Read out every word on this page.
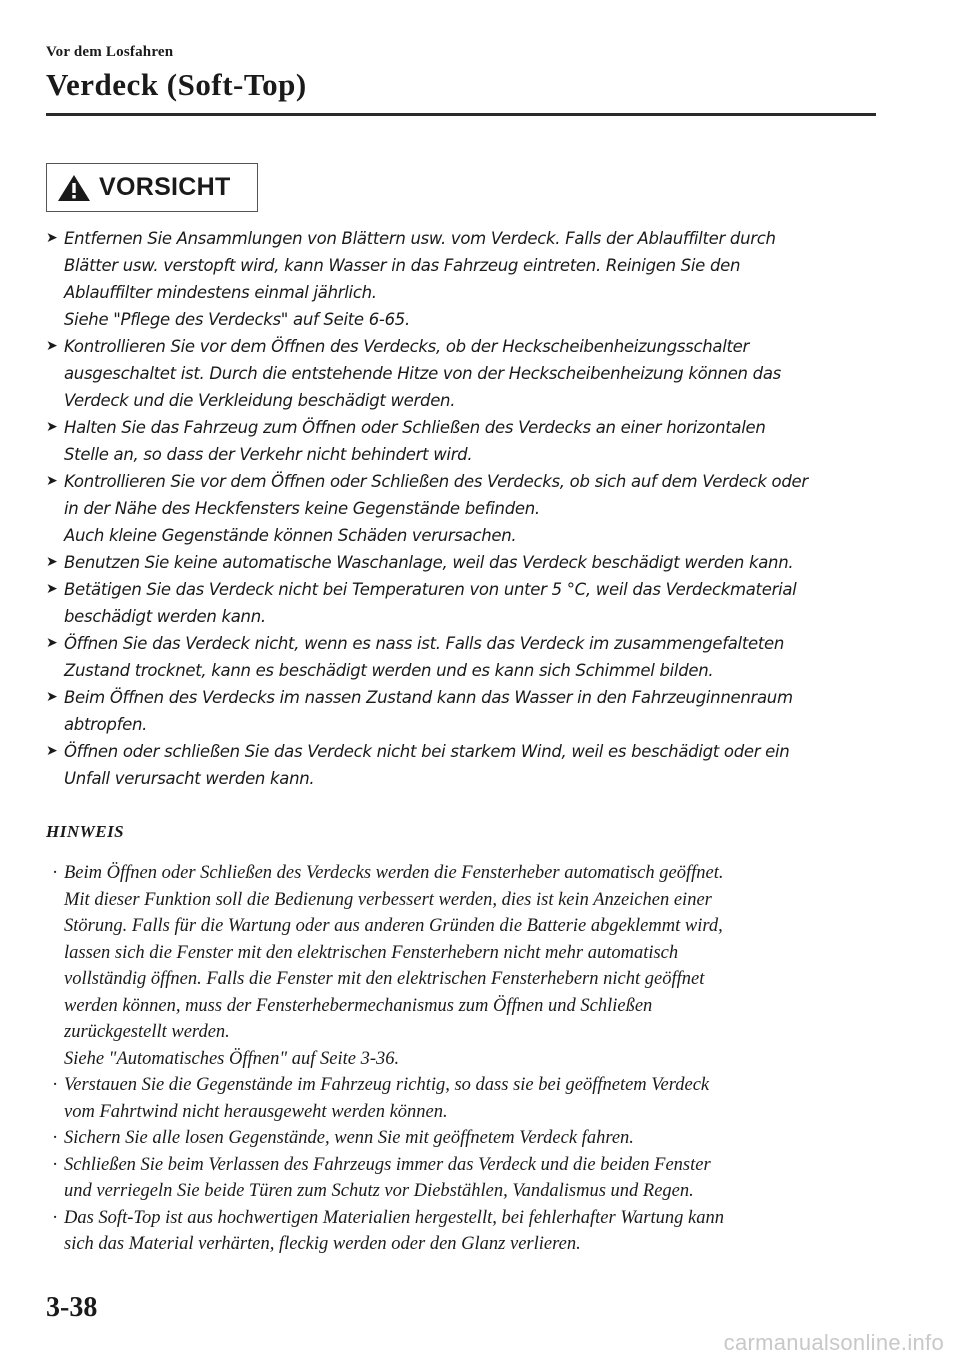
Vor dem Losfahren

Verdeck (Soft-Top)
VORSICHT
➤ Entfernen Sie Ansammlungen von Blättern usw. vom Verdeck. Falls der Ablauffilter durch
Blätter usw. verstopft wird, kann Wasser in das Fahrzeug eintreten. Reinigen Sie den
Ablauffilter mindestens einmal jährlich.
Siehe "Pflege des Verdecks" auf Seite 6-65.
➤ Kontrollieren Sie vor dem Öffnen des Verdecks, ob der Heckscheibenheizungsschalter
ausgeschaltet ist. Durch die entstehende Hitze von der Heckscheibenheizung können das
Verdeck und die Verkleidung beschädigt werden.
➤ Halten Sie das Fahrzeug zum Öffnen oder Schließen des Verdecks an einer horizontalen
Stelle an, so dass der Verkehr nicht behindert wird.
➤ Kontrollieren Sie vor dem Öffnen oder Schließen des Verdecks, ob sich auf dem Verdeck oder
in der Nähe des Heckfensters keine Gegenstände befinden.
Auch kleine Gegenstände können Schäden verursachen.
➤ Benutzen Sie keine automatische Waschanlage, weil das Verdeck beschädigt werden kann.
➤ Betätigen Sie das Verdeck nicht bei Temperaturen von unter 5 °C, weil das Verdeckmaterial
beschädigt werden kann.
➤ Öffnen Sie das Verdeck nicht, wenn es nass ist. Falls das Verdeck im zusammengefalteten
Zustand trocknet, kann es beschädigt werden und es kann sich Schimmel bilden.
➤ Beim Öffnen des Verdecks im nassen Zustand kann das Wasser in den Fahrzeuginnenraum
abtropfen.
➤ Öffnen oder schließen Sie das Verdeck nicht bei starkem Wind, weil es beschädigt oder ein
Unfall verursacht werden kann.

HINWEIS

· Beim Öffnen oder Schließen des Verdecks werden die Fensterheber automatisch geöffnet.
Mit dieser Funktion soll die Bedienung verbessert werden, dies ist kein Anzeichen einer
Störung. Falls für die Wartung oder aus anderen Gründen die Batterie abgeklemmt wird,
lassen sich die Fenster mit den elektrischen Fensterhebern nicht mehr automatisch
vollständig öffnen. Falls die Fenster mit den elektrischen Fensterhebern nicht geöffnet
werden können, muss der Fensterhebermechanismus zum Öffnen und Schließen
zurückgestellt werden.
Siehe "Automatisches Öffnen" auf Seite 3-36.
· Verstauen Sie die Gegenstände im Fahrzeug richtig, so dass sie bei geöffnetem Verdeck
vom Fahrtwind nicht herausgeweht werden können.
· Sichern Sie alle losen Gegenstände, wenn Sie mit geöffnetem Verdeck fahren.
· Schließen Sie beim Verlassen des Fahrzeugs immer das Verdeck und die beiden Fenster
und verriegeln Sie beide Türen zum Schutz vor Diebstählen, Vandalismus und Regen.
· Das Soft-Top ist aus hochwertigen Materialien hergestellt, bei fehlerhafter Wartung kann
sich das Material verhärten, fleckig werden oder den Glanz verlieren.
3-38
carmanualsonline.info
